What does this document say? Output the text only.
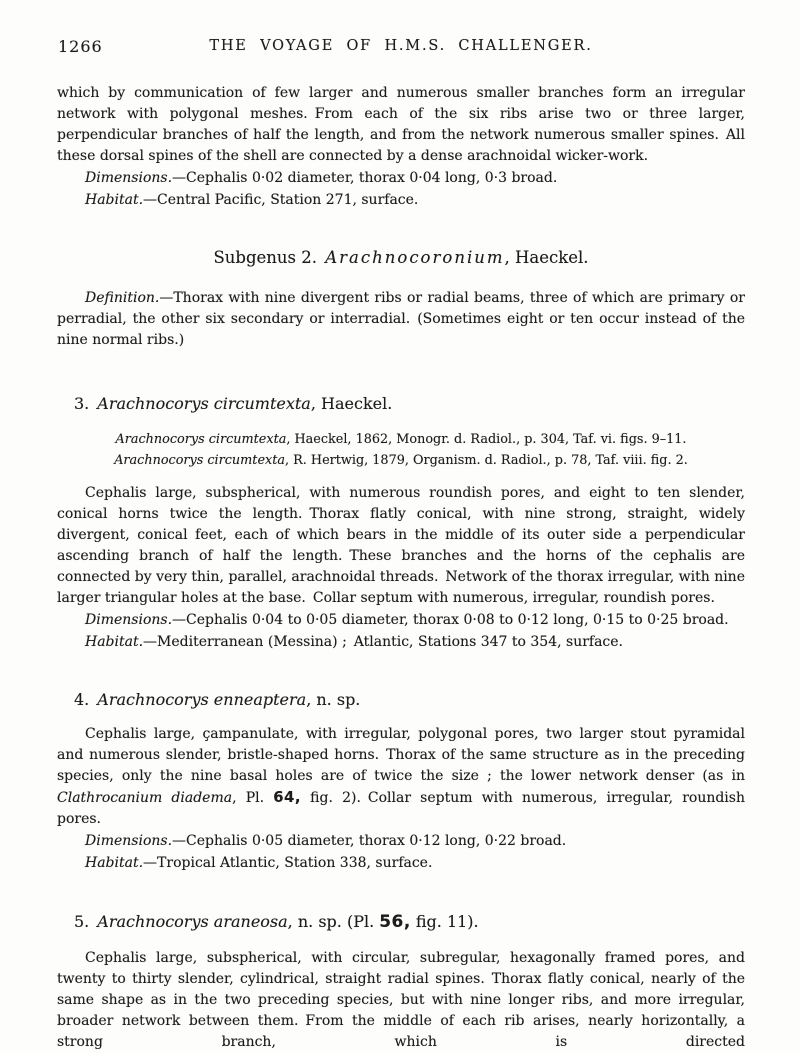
1266	THE VOYAGE OF H.M.S. CHALLENGER.

which by communication of few larger and numerous smaller branches form an irregular network with polygonal meshes. From each of the six ribs arise two or three larger, perpendicular branches of half the length, and from the network numerous smaller spines. All these dorsal spines of the shell are connected by a dense arachnoidal wicker-work.

Dimensions.—Cephalis 0·02 diameter, thorax 0·04 long, 0·3 broad.

Habitat.—Central Pacific, Station 271, surface.

Subgenus 2. Arachnocoronium, Haeckel.

Definition.—Thorax with nine divergent ribs or radial beams, three of which are primary or perradial, the other six secondary or interradial. (Sometimes eight or ten occur instead of the nine normal ribs.)

3. Arachnocorys circumtexta, Haeckel.

Arachnocorys circumtexta, Haeckel, 1862, Monogr. d. Radiol., p. 304, Taf. vi. figs. 9–11.
Arachnocorys circumtexta, R. Hertwig, 1879, Organism. d. Radiol., p. 78, Taf. viii. fig. 2.

Cephalis large, subspherical, with numerous roundish pores, and eight to ten slender, conical horns twice the length. Thorax flatly conical, with nine strong, straight, widely divergent, conical feet, each of which bears in the middle of its outer side a perpendicular ascending branch of half the length. These branches and the horns of the cephalis are connected by very thin, parallel, arachnoidal threads. Network of the thorax irregular, with nine larger triangular holes at the base. Collar septum with numerous, irregular, roundish pores.

Dimensions.—Cephalis 0·04 to 0·05 diameter, thorax 0·08 to 0·12 long, 0·15 to 0·25 broad.

Habitat.—Mediterranean (Messina) ; Atlantic, Stations 347 to 354, surface.

4. Arachnocorys enneaptera, n. sp.

Cephalis large, çampanulate, with irregular, polygonal pores, two larger stout pyramidal and numerous slender, bristle-shaped horns. Thorax of the same structure as in the preceding species, only the nine basal holes are of twice the size ; the lower network denser (as in Clathrocanium diadema, Pl. 64, fig. 2). Collar septum with numerous, irregular, roundish pores.

Dimensions.—Cephalis 0·05 diameter, thorax 0·12 long, 0·22 broad.

Habitat.—Tropical Atlantic, Station 338, surface.

5. Arachnocorys araneosa, n. sp. (Pl. 56, fig. 11).

Cephalis large, subspherical, with circular, subregular, hexagonally framed pores, and twenty to thirty slender, cylindrical, straight radial spines. Thorax flatly conical, nearly of the same shape as in the two preceding species, but with nine longer ribs, and more irregular, broader network between them. From the middle of each rib arises, nearly horizontally, a strong branch, which is directed
